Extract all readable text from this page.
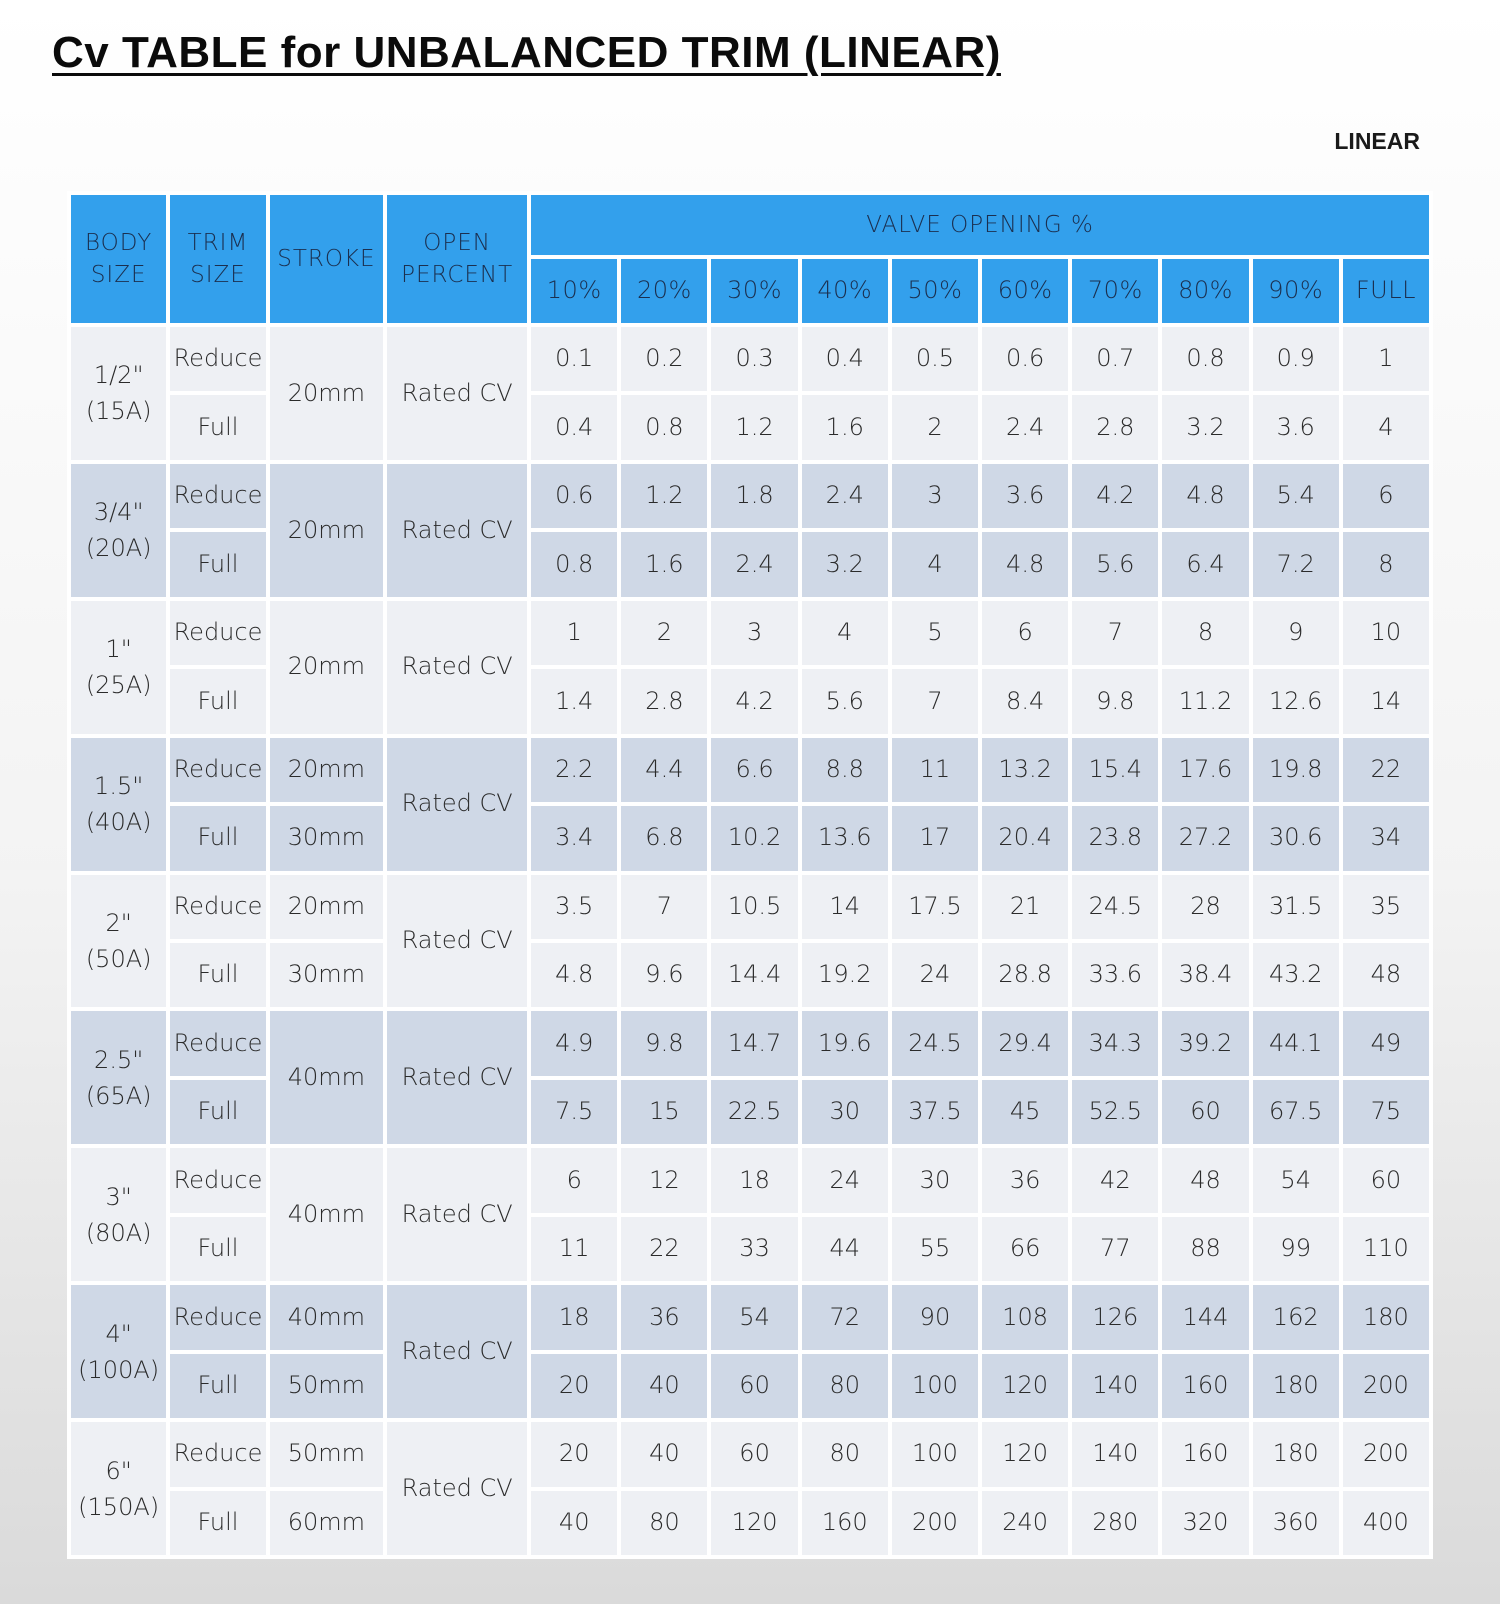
Cv TABLE for UNBALANCED TRIM (LINEAR)
LINEAR
BODY SIZE	TRIM SIZE	STROKE	OPEN PERCENT	VALVE OPENING %									
				10%	20%	30%	40%	50%	60%	70%	80%	90%	FULL
1/2"
(15A)	Reduce	20mm	Rated CV	0.1	0.2	0.3	0.4	0.5	0.6	0.7	0.8	0.9	1
	Full			0.4	0.8	1.2	1.6	2	2.4	2.8	3.2	3.6	4
3/4"
(20A)	Reduce	20mm	Rated CV	0.6	1.2	1.8	2.4	3	3.6	4.2	4.8	5.4	6
	Full			0.8	1.6	2.4	3.2	4	4.8	5.6	6.4	7.2	8
1"
(25A)	Reduce	20mm	Rated CV	1	2	3	4	5	6	7	8	9	10
	Full			1.4	2.8	4.2	5.6	7	8.4	9.8	11.2	12.6	14
1.5"
(40A)	Reduce	20mm	Rated CV	2.2	4.4	6.6	8.8	11	13.2	15.4	17.6	19.8	22
	Full	30mm		3.4	6.8	10.2	13.6	17	20.4	23.8	27.2	30.6	34
2"
(50A)	Reduce	20mm	Rated CV	3.5	7	10.5	14	17.5	21	24.5	28	31.5	35
	Full	30mm		4.8	9.6	14.4	19.2	24	28.8	33.6	38.4	43.2	48
2.5"
(65A)	Reduce	40mm	Rated CV	4.9	9.8	14.7	19.6	24.5	29.4	34.3	39.2	44.1	49
	Full			7.5	15	22.5	30	37.5	45	52.5	60	67.5	75
3"
(80A)	Reduce	40mm	Rated CV	6	12	18	24	30	36	42	48	54	60
	Full			11	22	33	44	55	66	77	88	99	110
4"
(100A)	Reduce	40mm	Rated CV	18	36	54	72	90	108	126	144	162	180
	Full	50mm		20	40	60	80	100	120	140	160	180	200
6"
(150A)	Reduce	50mm	Rated CV	20	40	60	80	100	120	140	160	180	200
	Full	60mm		40	80	120	160	200	240	280	320	360	400
